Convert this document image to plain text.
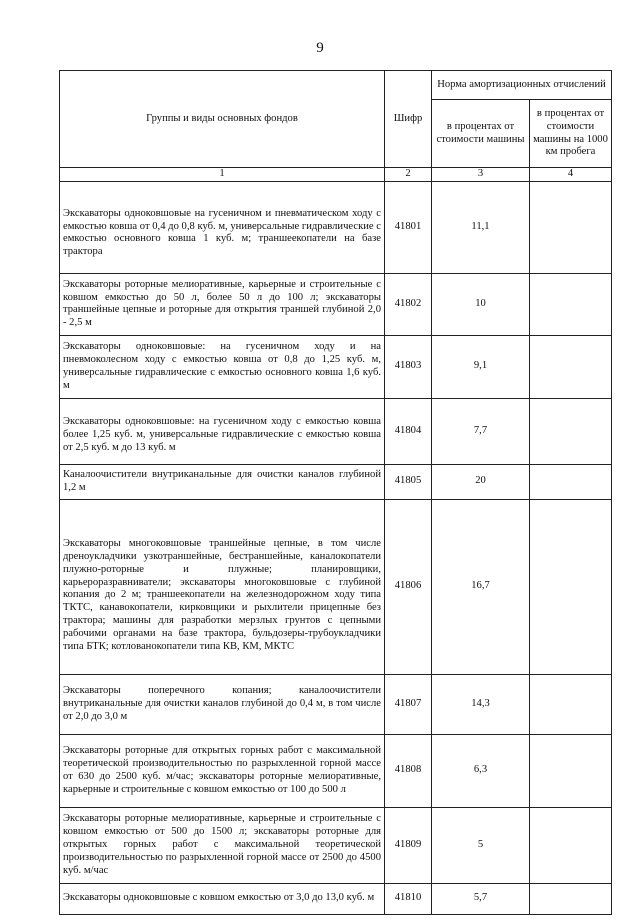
9
Группы и виды основных фондов	Шифр	Норма амортизационных отчислений	
		в процентах от стоимости машины	в процентах от стоимости машины на 1000 км пробега
1	2	3	4
Экскаваторы одноковшовые на гусеничном и пневматическом ходу с емкостью ковша от 0,4 до 0,8 куб. м, универсальные гидравлические с емкостью основного ковша 1 куб. м; траншеекопатели на базе трактора	41801	11,1	
Экскаваторы роторные мелиоративные, карьерные и строительные с ковшом емкостью до 50 л, более 50 л до 100 л; экскаваторы траншейные цепные и роторные для открытия траншей глубиной 2,0 - 2,5 м	41802	10	
Экскаваторы одноковшовые: на гусеничном ходу и на пневмоколесном ходу с емкостью ковша от 0,8 до 1,25 куб. м, универсальные гидравлические с емкостью основного ковша 1,6 куб. м	41803	9,1	
Экскаваторы одноковшовые: на гусеничном ходу с емкостью ковша более 1,25 куб. м, универсальные гидравлические с емкостью ковша от 2,5 куб. м до 13 куб. м	41804	7,7	
Каналоочистители внутриканальные для очистки каналов глубиной 1,2 м	41805	20	
Экскаваторы многоковшовые траншейные цепные, в том числе дреноукладчики узкотраншейные, бестраншейные, каналокопатели плужно-роторные и плужные; планировщики, карьероразравниватели; экскаваторы многоковшовые с глубиной копания до 2 м; траншеекопатели на железнодорожном ходу типа ТКТС, канавокопатели, кирковщики и рыхлители прицепные без трактора; машины для разработки мерзлых грунтов с цепными рабочими органами на базе трактора, бульдозеры-трубоукладчики типа БТК; котлованокопатели типа КВ, КМ, МКТС	41806	16,7	
Экскаваторы поперечного копания; каналоочистители внутриканальные для очистки каналов глубиной до 0,4 м, в том числе от 2,0 до 3,0 м	41807	14,3	
Экскаваторы роторные для открытых горных работ с максимальной теоретической производительностью по разрыхленной горной массе от 630 до 2500 куб. м/час; экскаваторы роторные мелиоративные, карьерные и строительные с ковшом емкостью от 100 до 500 л	41808	6,3	
Экскаваторы роторные мелиоративные, карьерные и строительные с ковшом емкостью от 500 до 1500 л; экскаваторы роторные для открытых горных работ с максимальной теоретической производительностью по разрыхленной горной массе от 2500 до 4500 куб. м/час	41809	5	
Экскаваторы одноковшовые с ковшом емкостью от 3,0 до 13,0 куб. м	41810	5,7	
